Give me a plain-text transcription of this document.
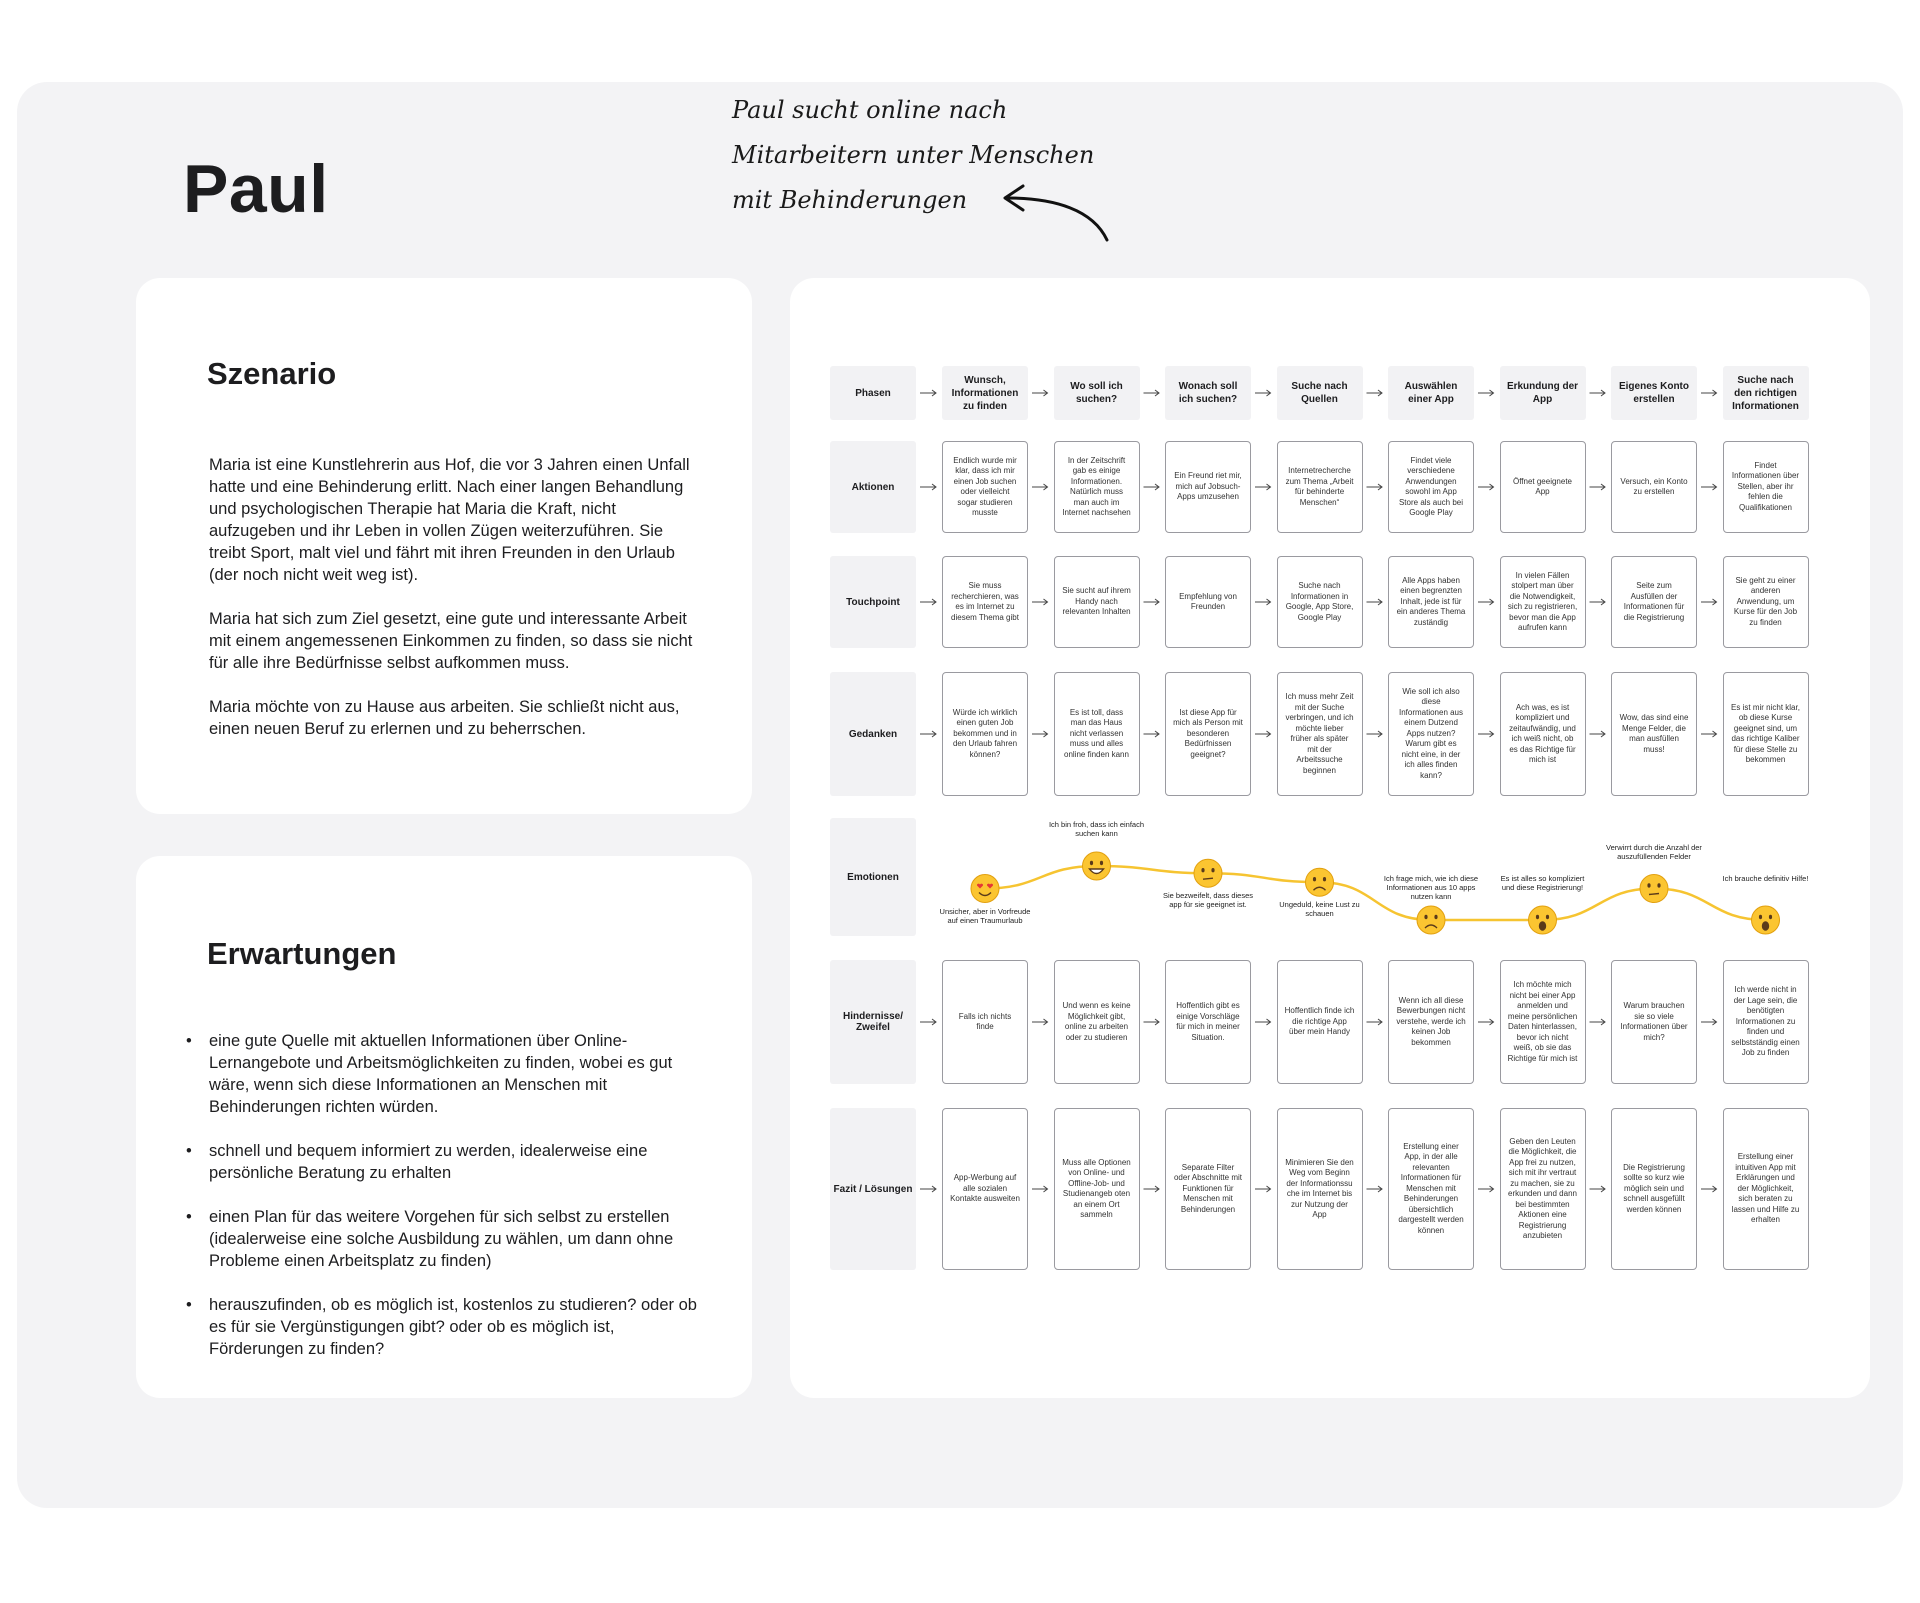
Paul
Paul sucht online nach
Mitarbeitern unter Menschen
mit Behinderungen
Szenario

Maria ist eine Kunstlehrerin aus Hof, die vor 3 Jahren einen Unfall hatte und eine Behinderung erlitt. Nach einer langen Behandlung und psychologischen Therapie hat Maria die Kraft, nicht aufzugeben und ihr Leben in vollen Zügen weiterzuführen. Sie treibt Sport, malt viel und fährt mit ihren Freunden in den Urlaub (der noch nicht weit weg ist).

Maria hat sich zum Ziel gesetzt, eine gute und interessante Arbeit mit einem angemessenen Einkommen zu finden, so dass sie nicht für alle ihre Bedürfnisse selbst aufkommen muss.

Maria möchte von zu Hause aus arbeiten. Sie schließt nicht aus, einen neuen Beruf zu erlernen und zu beherrschen.

Erwartungen
• eine gute Quelle mit aktuellen Informationen über Online-Lernangebote und Arbeitsmöglichkeiten zu finden, wobei es gut wäre, wenn sich diese Informationen an Menschen mit Behinderungen richten würden.
• schnell und bequem informiert zu werden, idealerweise eine persönliche Beratung zu erhalten
• einen Plan für das weitere Vorgehen für sich selbst zu erstellen (idealerweise eine solche Ausbildung zu wählen, um dann ohne Probleme einen Arbeitsplatz zu finden)
• herauszufinden, ob es möglich ist, kostenlos zu studieren? oder ob es für sie Vergünstigungen gibt? oder ob es möglich ist, Förderungen zu finden?
Phasen
Wunsch, Informationen zu finden
Wo soll ich suchen?
Wonach soll ich suchen?
Suche nach Quellen
Auswählen einer App
Erkundung der App
Eigenes Konto erstellen
Suche nach den richtigen Informationen
Aktionen
Endlich wurde mir klar, dass ich mir einen Job suchen oder vielleicht sogar studieren musste
In der Zeitschrift gab es einige Informationen. Natürlich muss man auch im Internet nachsehen
Ein Freund riet mir, mich auf Jobsuch-Apps umzusehen
Internetrecherche zum Thema „Arbeit für behinderte Menschen“
Findet viele verschiedene Anwendungen sowohl im App Store als auch bei Google Play
Öffnet geeignete App
Versuch, ein Konto zu erstellen
Findet Informationen über Stellen, aber ihr fehlen die Qualifikationen
Touchpoint
Sie muss recherchieren, was es im Internet zu diesem Thema gibt
Sie sucht auf ihrem Handy nach relevanten Inhalten
Empfehlung von Freunden
Suche nach Informationen in Google, App Store, Google Play
Alle Apps haben einen begrenzten Inhalt, jede ist für ein anderes Thema zuständig
In vielen Fällen stolpert man über die Notwendigkeit, sich zu registrieren, bevor man die App aufrufen kann
Seite zum Ausfüllen der Informationen für die Registrierung
Sie geht zu einer anderen Anwendung, um Kurse für den Job zu finden
Gedanken
Würde ich wirklich einen guten Job bekommen und in den Urlaub fahren können?
Es ist toll, dass man das Haus nicht verlassen muss und alles online finden kann
Ist diese App für mich als Person mit besonderen Bedürfnissen geeignet?
Ich muss mehr Zeit mit der Suche verbringen, und ich möchte lieber früher als später mit der Arbeitssuche beginnen
Wie soll ich also diese Informationen aus einem Dutzend Apps nutzen? Warum gibt es nicht eine, in der ich alles finden kann?
Ach was, es ist kompliziert und zeitaufwändig, und ich weiß nicht, ob es das Richtige für mich ist
Wow, das sind eine Menge Felder, die man ausfüllen muss!
Es ist mir nicht klar, ob diese Kurse geeignet sind, um das richtige Kaliber für diese Stelle zu bekommen
Hindernisse/ Zweifel
Falls ich nichts finde
Und wenn es keine Möglichkeit gibt, online zu arbeiten oder zu studieren
Hoffentlich gibt es einige Vorschläge für mich in meiner Situation.
Hoffentlich finde ich die richtige App über mein Handy
Wenn ich all diese Bewerbungen nicht verstehe, werde ich keinen Job bekommen
Ich möchte mich nicht bei einer App anmelden und meine persönlichen Daten hinterlassen, bevor ich nicht weiß, ob sie das Richtige für mich ist
Warum brauchen sie so viele Informationen über mich?
Ich werde nicht in der Lage sein, die benötigten Informationen zu finden und selbstständig einen Job zu finden
Fazit / Lösungen
App-Werbung auf alle sozialen Kontakte ausweiten
Muss alle Optionen von Online- und Offline-Job- und Studienangeb oten an einem Ort sammeln
Separate Filter oder Abschnitte mit Funktionen für Menschen mit Behinderungen
Minimieren Sie den Weg vom Beginn der Informationssu che im Internet bis zur Nutzung der App
Erstellung einer App, in der alle relevanten Informationen für Menschen mit Behinderungen übersichtlich dargestellt werden können
Geben den Leuten die Möglichkeit, die App frei zu nutzen, sich mit ihr vertraut zu machen, sie zu erkunden und dann bei bestimmten Aktionen eine Registrierung anzubieten
Die Registrierung sollte so kurz wie möglich sein und schnell ausgefüllt werden können
Erstellung einer intuitiven App mit Erklärungen und der Möglichkeit, sich beraten zu lassen und Hilfe zu erhalten
Emotionen
Unsicher, aber in Vorfreude auf einen Traumurlaub
Ich bin froh, dass ich einfach suchen kann
Sie bezweifelt, dass dieses app für sie geeignet ist.	Ungeduld, keine Lust zu schauen
Ich frage mich, wie ich diese Informationen aus 10 apps nutzen kann
Es ist alles so kompliziert und diese Registrierung!
Verwirrt durch die Anzahl der auszufüllenden Felder
Ich brauche definitiv Hilfe!
